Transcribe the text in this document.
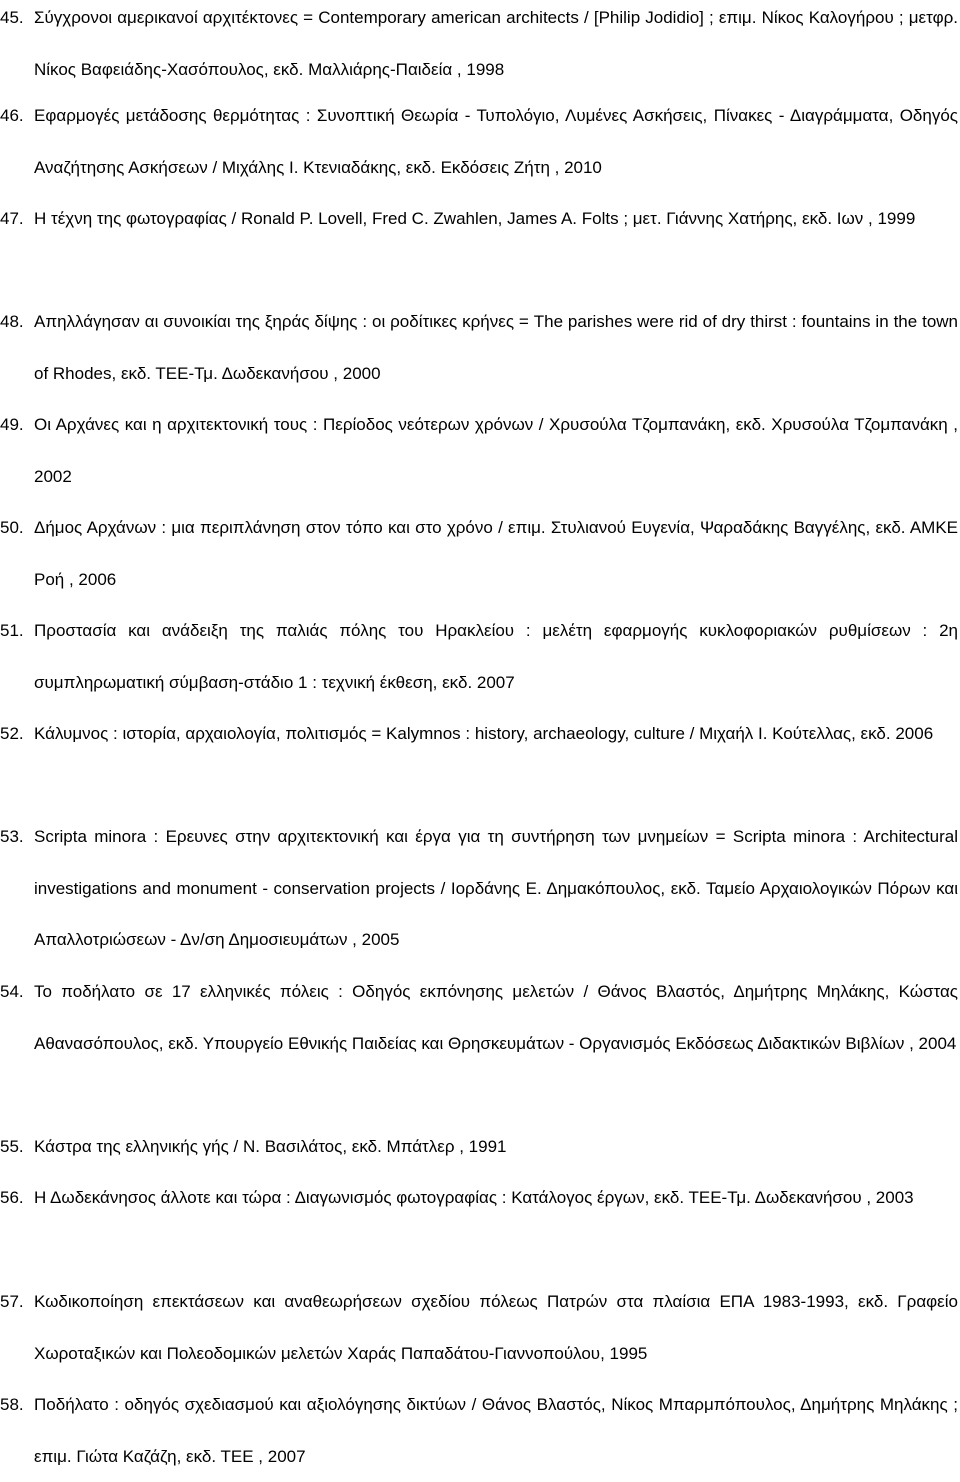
45. Σύγχρονοι αμερικανοί αρχιτέκτονες = Contemporary american architects / [Philip Jodidio] ; επιμ. Νίκος Καλογήρου ; μετφρ. Νίκος Βαφειάδης-Χασόπουλος, εκδ. Μαλλιάρης-Παιδεία , 1998
46. Εφαρμογές μετάδοσης θερμότητας : Συνοπτική Θεωρία - Τυπολόγιο, Λυμένες Ασκήσεις, Πίνακες - Διαγράμματα, Οδηγός Αναζήτησης Ασκήσεων / Μιχάλης Ι. Κτενιαδάκης, εκδ. Εκδόσεις Ζήτη , 2010
47. Η τέχνη της φωτογραφίας / Ronald P. Lovell, Fred C. Zwahlen, James A. Folts ; μετ. Γιάννης Χατήρης, εκδ. Ιων , 1999
48. Απηλλάγησαν αι συνοικίαι της ξηράς δίψης : οι ροδίτικες κρήνες = The parishes were rid of dry thirst : fountains in the town of Rhodes, εκδ. ΤΕΕ-Τμ. Δωδεκανήσου , 2000
49. Οι Αρχάνες και η αρχιτεκτονική τους : Περίοδος νεότερων χρόνων / Χρυσούλα Τζομπανάκη, εκδ. Χρυσούλα Τζομπανάκη , 2002
50. Δήμος Αρχάνων : μια περιπλάνηση στον τόπο και στο χρόνο / επιμ. Στυλιανού Ευγενία, Ψαραδάκης Βαγγέλης, εκδ. ΑΜΚΕ Ροή , 2006
51. Προστασία και ανάδειξη της παλιάς πόλης του Ηρακλείου : μελέτη εφαρμογής κυκλοφοριακών ρυθμίσεων : 2η συμπληρωματική σύμβαση-στάδιο 1 : τεχνική έκθεση, εκδ. 2007
52. Κάλυμνος : ιστορία, αρχαιολογία, πολιτισμός = Kalymnos : history, archaeology, culture / Μιχαήλ Ι. Κούτελλας, εκδ. 2006
53. Scripta minora : Ερευνες στην αρχιτεκτονική και έργα για τη συντήρηση των μνημείων = Scripta minora : Architectural investigations and monument - conservation projects / Ιορδάνης Ε. Δημακόπουλος, εκδ. Ταμείο Αρχαιολογικών Πόρων και Απαλλοτριώσεων - Δν/ση Δημοσιευμάτων , 2005
54. Το ποδήλατο σε 17 ελληνικές πόλεις : Οδηγός εκπόνησης μελετών / Θάνος Βλαστός, Δημήτρης Μηλάκης, Κώστας Αθανασόπουλος, εκδ. Υπουργείο Εθνικής Παιδείας και Θρησκευμάτων - Οργανισμός Εκδόσεως Διδακτικών Βιβλίων , 2004
55. Κάστρα της ελληνικής γής / Ν. Βασιλάτος, εκδ. Μπάτλερ , 1991
56. Η Δωδεκάνησος άλλοτε και τώρα : Διαγωνισμός φωτογραφίας : Κατάλογος έργων, εκδ. ΤΕΕ-Τμ. Δωδεκανήσου , 2003
57. Κωδικοποίηση επεκτάσεων και αναθεωρήσεων σχεδίου πόλεως Πατρών στα πλαίσια ΕΠΑ 1983-1993, εκδ. Γραφείο Χωροταξικών και Πολεοδομικών μελετών Χαράς Παπαδάτου-Γιαννοπούλου, 1995
58. Ποδήλατο : οδηγός σχεδιασμού και αξιολόγησης δικτύων / Θάνος Βλαστός, Νίκος Μπαρμπόπουλος, Δημήτρης Μηλάκης ; επιμ. Γιώτα Καζάζη, εκδ. ΤΕΕ , 2007
